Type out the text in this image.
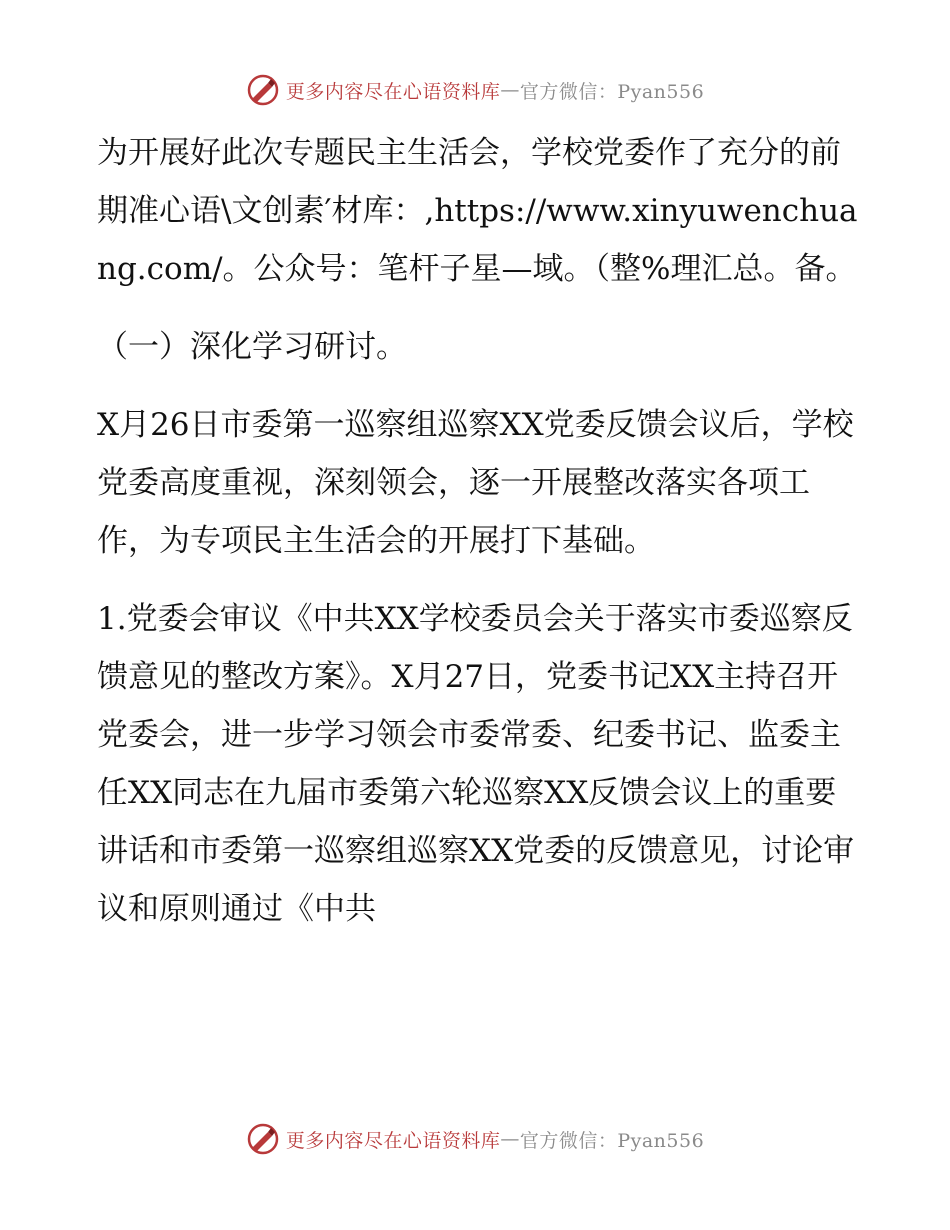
更多内容尽在心语资料库 — 官方微信：Pyan556

为开展好此次专题民主生活会，学校党委作了充分的前期准心语\文创素′材库：,https://www.xinyuwenchuang.com/。公众号：笔杆子星—域。（整%理汇总。备。

（一）深化学习研讨。

X月26日市委第一巡察组巡察XX党委反馈会议后，学校党委高度重视，深刻领会，逐一开展整改落实各项工作，为专项民主生活会的开展打下基础。

1.党委会审议《中共XX学校委员会关于落实市委巡察反馈意见的整改方案》。X月27日，党委书记XX主持召开党委会，进一步学习领会市委常委、纪委书记、监委主任XX同志在九届市委第六轮巡察XX反馈会议上的重要讲话和市委第一巡察组巡察XX党委的反馈意见，讨论审议和原则通过《中共

更多内容尽在心语资料库 — 官方微信：Pyan556
